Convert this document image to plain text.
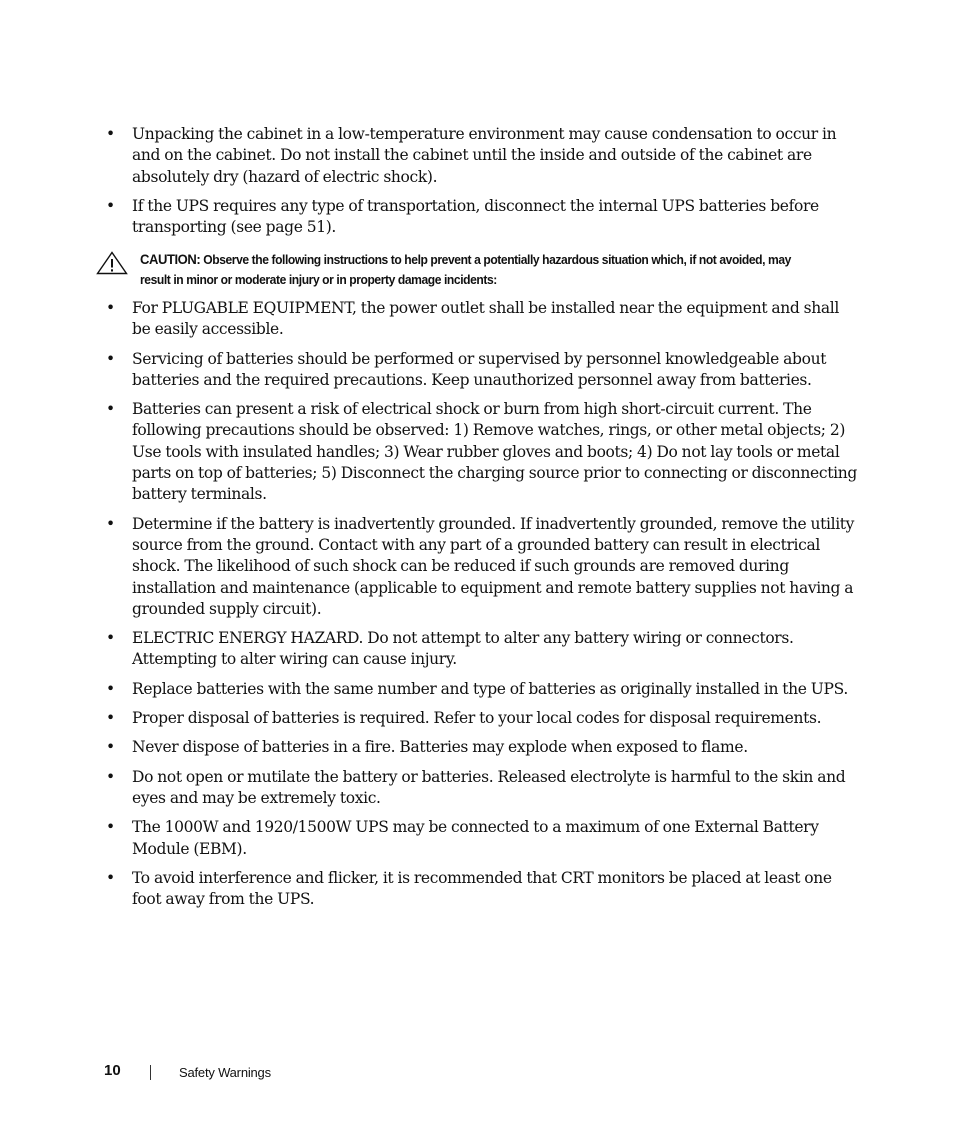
• Unpacking the cabinet in a low-temperature environment may cause condensation to occur in and on the cabinet. Do not install the cabinet until the inside and outside of the cabinet are absolutely dry (hazard of electric shock).
• If the UPS requires any type of transportation, disconnect the internal UPS batteries before transporting (see page 51).
CAUTION: Observe the following instructions to help prevent a potentially hazardous situation which, if not avoided, may result in minor or moderate injury or in property damage incidents:
• For PLUGABLE EQUIPMENT, the power outlet shall be installed near the equipment and shall be easily accessible.
• Servicing of batteries should be performed or supervised by personnel knowledgeable about batteries and the required precautions. Keep unauthorized personnel away from batteries.
• Batteries can present a risk of electrical shock or burn from high short-circuit current. The following precautions should be observed: 1) Remove watches, rings, or other metal objects; 2) Use tools with insulated handles; 3) Wear rubber gloves and boots; 4) Do not lay tools or metal parts on top of batteries; 5) Disconnect the charging source prior to connecting or disconnecting battery terminals.
• Determine if the battery is inadvertently grounded. If inadvertently grounded, remove the utility source from the ground. Contact with any part of a grounded battery can result in electrical shock. The likelihood of such shock can be reduced if such grounds are removed during installation and maintenance (applicable to equipment and remote battery supplies not having a grounded supply circuit).
• ELECTRIC ENERGY HAZARD. Do not attempt to alter any battery wiring or connectors. Attempting to alter wiring can cause injury.
• Replace batteries with the same number and type of batteries as originally installed in the UPS.
• Proper disposal of batteries is required. Refer to your local codes for disposal requirements.
• Never dispose of batteries in a fire. Batteries may explode when exposed to flame.
• Do not open or mutilate the battery or batteries. Released electrolyte is harmful to the skin and eyes and may be extremely toxic.
• The 1000W and 1920/1500W UPS may be connected to a maximum of one External Battery Module (EBM).
• To avoid interference and flicker, it is recommended that CRT monitors be placed at least one foot away from the UPS.
10	Safety Warnings
